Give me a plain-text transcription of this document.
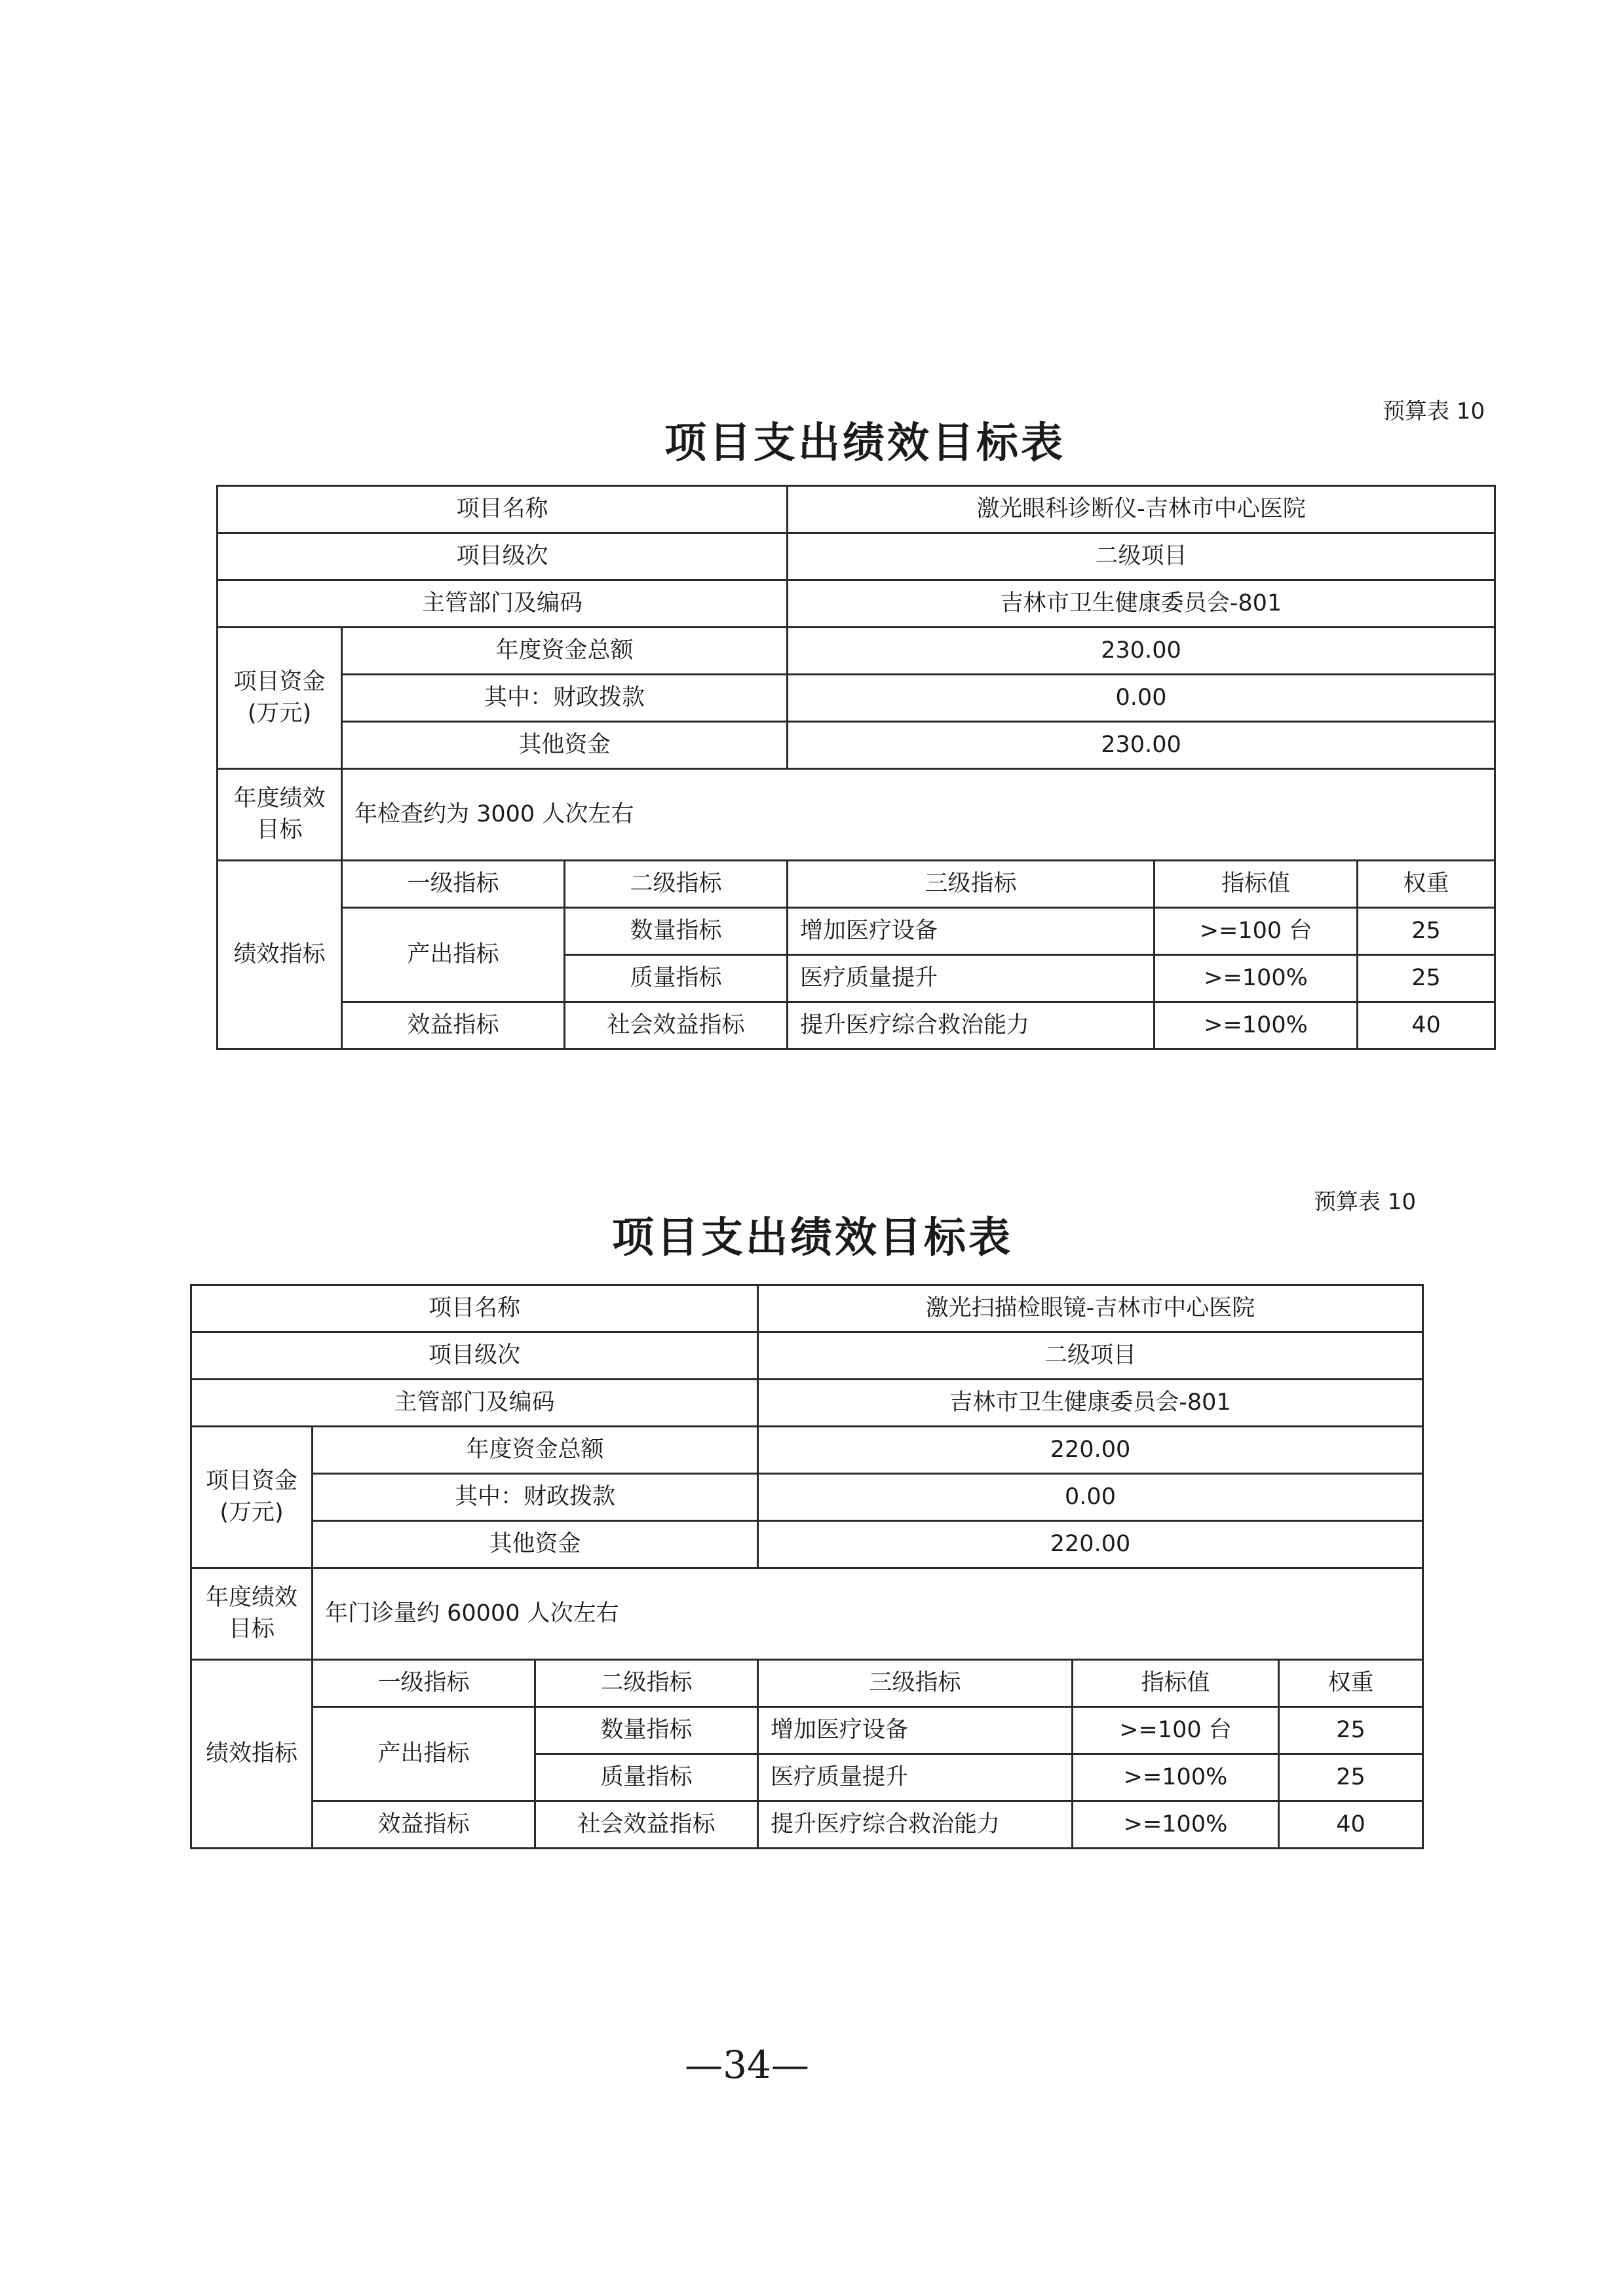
预算表 10
项目支出绩效目标表
项目名称			激光眼科诊断仪-吉林市中心医院		
项目级次			二级项目		
主管部门及编码			吉林市卫生健康委员会-801		
项目资金
(万元)	年度资金总额		230.00		
	其中：财政拨款		0.00		
	其他资金		230.00		
年度绩效
目标	年检查约为 3000 人次左右				
绩效指标	一级指标	二级指标	三级指标	指标值	权重
	产出指标	数量指标	增加医疗设备	>=100 台	25
		质量指标	医疗质量提升	>=100%	25
	效益指标	社会效益指标	提升医疗综合救治能力	>=100%	40
预算表 10
项目支出绩效目标表
项目名称			激光扫描检眼镜-吉林市中心医院		
项目级次			二级项目		
主管部门及编码			吉林市卫生健康委员会-801		
项目资金
(万元)	年度资金总额		220.00		
	其中：财政拨款		0.00		
	其他资金		220.00		
年度绩效
目标	年门诊量约 60000 人次左右				
绩效指标	一级指标	二级指标	三级指标	指标值	权重
	产出指标	数量指标	增加医疗设备	>=100 台	25
		质量指标	医疗质量提升	>=100%	25
	效益指标	社会效益指标	提升医疗综合救治能力	>=100%	40
—34—
